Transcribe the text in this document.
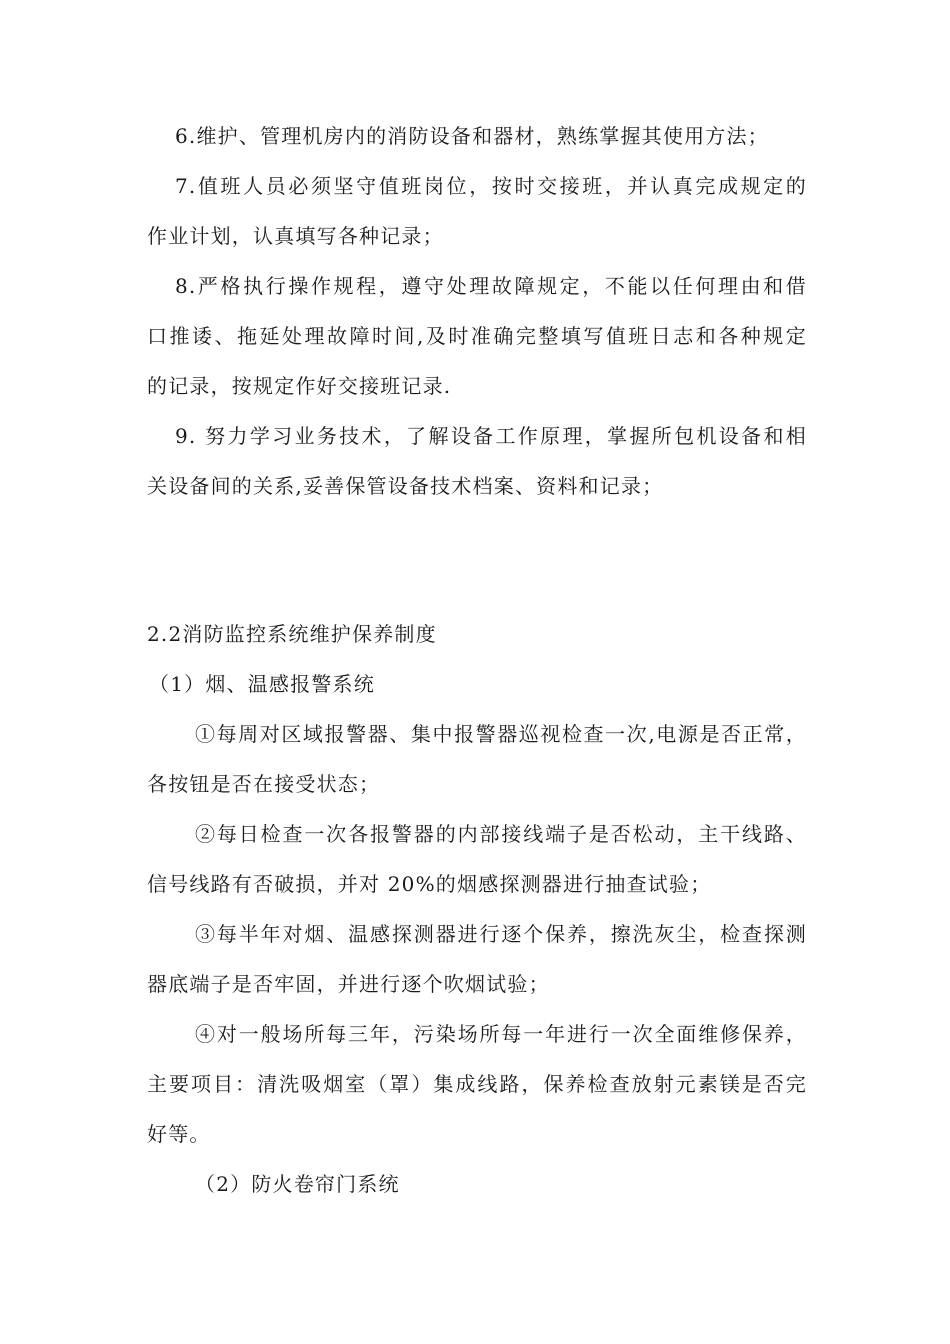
6.维护、管理机房内的消防设备和器材，熟练掌握其使用方法；
7.值班人员必须坚守值班岗位，按时交接班，并认真完成规定的
作业计划，认真填写各种记录；
8.严格执行操作规程，遵守处理故障规定，不能以任何理由和借
口推诿、拖延处理故障时间,及时准确完整填写值班日志和各种规定
的记录，按规定作好交接班记录.
9. 努力学习业务技术，了解设备工作原理，掌握所包机设备和相
关设备间的关系,妥善保管设备技术档案、资料和记录；
2.2消防监控系统维护保养制度
（1）烟、温感报警系统
①每周对区域报警器、集中报警器巡视检查一次,电源是否正常，
各按钮是否在接受状态；
②每日检查一次各报警器的内部接线端子是否松动，主干线路、
信号线路有否破损，并对 20%的烟感探测器进行抽查试验；
③每半年对烟、温感探测器进行逐个保养，擦洗灰尘，检查探测
器底端子是否牢固，并进行逐个吹烟试验；
④对一般场所每三年，污染场所每一年进行一次全面维修保养，
主要项目：清洗吸烟室（罩）集成线路，保养检查放射元素镁是否完
好等。
（2）防火卷帘门系统
